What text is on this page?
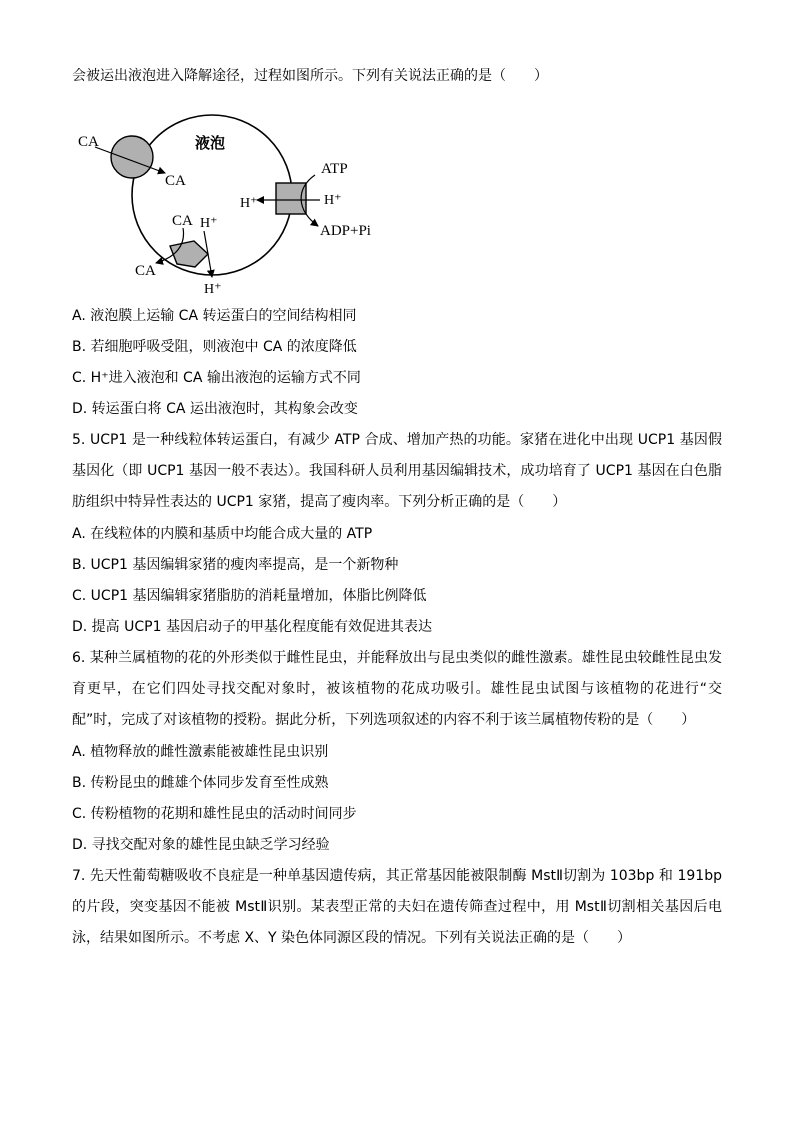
会被运出液泡进入降解途径，过程如图所示。下列有关说法正确的是（　　）
液泡
CA
CA
ATP
H⁺	H⁺
ADP+Pi
CA H⁺
CA
H⁺
A. 液泡膜上运输 CA 转运蛋白的空间结构相同
B. 若细胞呼吸受阻，则液泡中 CA 的浓度降低
C. H⁺进入液泡和 CA 输出液泡的运输方式不同
D. 转运蛋白将 CA 运出液泡时，其构象会改变
5. UCP1 是一种线粒体转运蛋白，有减少 ATP 合成、增加产热的功能。家猪在进化中出现 UCP1 基因假基因化（即 UCP1 基因一般不表达）。我国科研人员利用基因编辑技术，成功培育了 UCP1 基因在白色脂肪组织中特异性表达的 UCP1 家猪，提高了瘦肉率。下列分析正确的是（　　）
A. 在线粒体的内膜和基质中均能合成大量的 ATP
B. UCP1 基因编辑家猪的瘦肉率提高，是一个新物种
C. UCP1 基因编辑家猪脂肪的消耗量增加，体脂比例降低
D. 提高 UCP1 基因启动子的甲基化程度能有效促进其表达
6. 某种兰属植物的花的外形类似于雌性昆虫，并能释放出与昆虫类似的雌性激素。雄性昆虫较雌性昆虫发育更早，在它们四处寻找交配对象时，被该植物的花成功吸引。雄性昆虫试图与该植物的花进行“交配”时，完成了对该植物的授粉。据此分析，下列选项叙述的内容不利于该兰属植物传粉的是（　　）
A. 植物释放的雌性激素能被雄性昆虫识别
B. 传粉昆虫的雌雄个体同步发育至性成熟
C. 传粉植物的花期和雄性昆虫的活动时间同步
D. 寻找交配对象的雄性昆虫缺乏学习经验
7. 先天性葡萄糖吸收不良症是一种单基因遗传病，其正常基因能被限制酶 MstⅡ切割为 103bp 和 191bp 的片段，突变基因不能被 MstⅡ识别。某表型正常的夫妇在遗传筛查过程中，用 MstⅡ切割相关基因后电泳，结果如图所示。不考虑 X、Y 染色体同源区段的情况。下列有关说法正确的是（　　）
